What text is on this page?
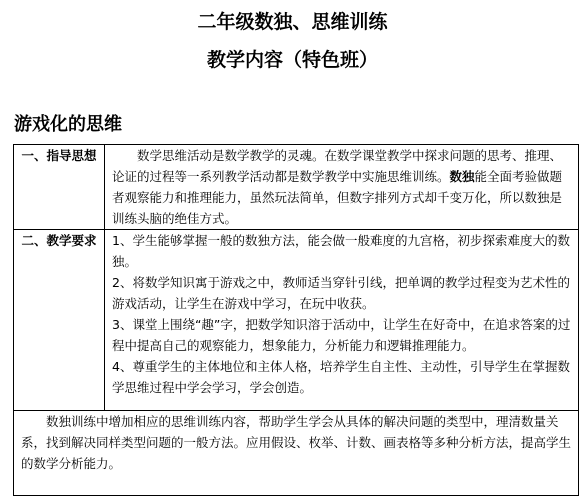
二年级数独、思维训练
教学内容（特色班）
游戏化的思维
一、指导思想	数学思维活动是数学教学的灵魂。在数学课堂教学中探求问题的思考、推理、论证的过程等一系列教学活动都是数学教学中实施思维训练。数独能全面考验做题者观察能力和推理能力，虽然玩法简单，但数字排列方式却千变万化，所以数独是训练头脑的绝佳方式。

二、教学要求	1、学生能够掌握一般的数独方法，能会做一般难度的九宫格，初步探索难度大的数独。

2、将数学知识寓于游戏之中，教师适当穿针引线，把单调的教学过程变为艺术性的游戏活动，让学生在游戏中学习，在玩中收获。

3、课堂上围绕“趣”字，把数学知识溶于活动中，让学生在好奇中，在追求答案的过程中提高自己的观察能力，想象能力，分析能力和逻辑推理能力。

4、尊重学生的主体地位和主体人格，培养学生自主性、主动性，引导学生在掌握数学思维过程中学会学习，学会创造。

数独训练中增加相应的思维训练内容，帮助学生学会从具体的解决问题的类型中，理清数量关系，找到解决同样类型问题的一般方法。应用假设、枚举、计数、画表格等多种分析方法，提高学生的数学分析能力。	
